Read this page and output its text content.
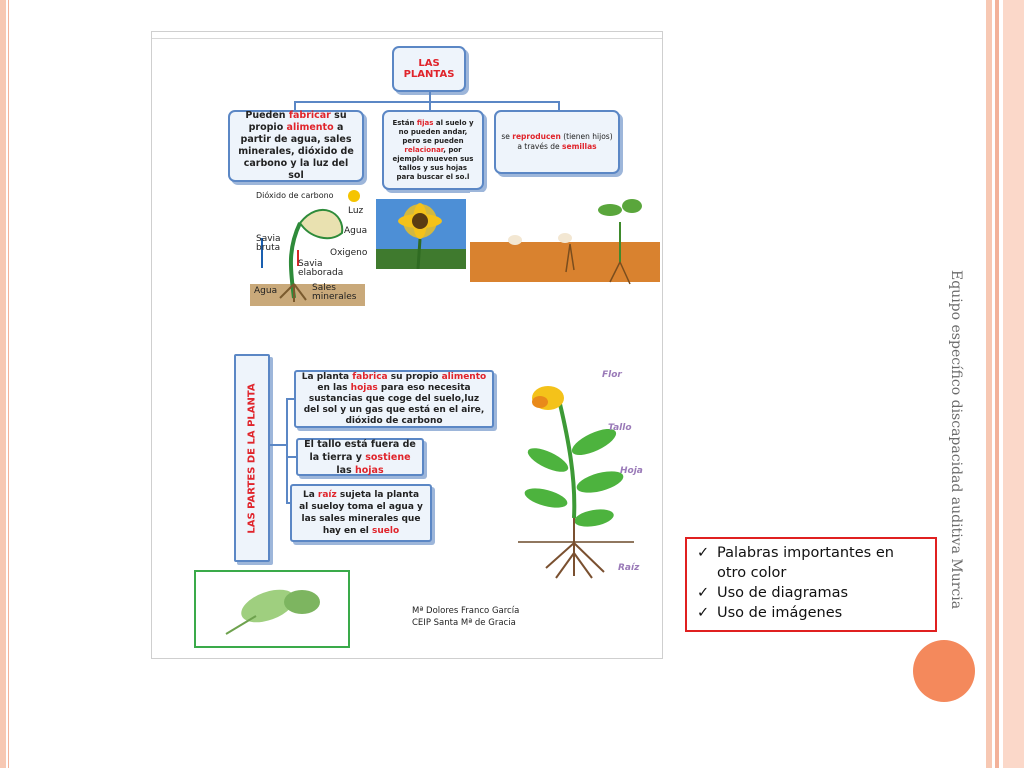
LAS PLANTAS
Pueden fabricar su propio alimento a partir de agua, sales minerales, dióxido de carbono y la luz del sol
Están fijas al suelo y no pueden andar, pero se pueden relacionar, por ejemplo mueven sus tallos y sus hojas para buscar el so.l
se reproducen (tienen hijos) a través de semillas
Dióxido de carbono
Luz
Agua
Oxigeno
Savia bruta
Savia elaborada
Agua	Sales minerales
LAS PARTES DE LA PLANTA
La planta fabrica su propio alimento en las hojas para eso necesita sustancias que coge del suelo,luz del sol y un gas que está en el aire, dióxido de carbono
El tallo está fuera de la tierra y sostiene las hojas
La raíz sujeta la planta al sueloy toma el agua y las sales minerales que hay en el suelo
Flor
Tallo
Hoja
Raíz
Mª Dolores Franco García
CEIP Santa Mª de Gracia
Equipo específico discapacidad auditiva Murcia
✓ Palabras importantes en otro color
✓ Uso de diagramas
✓ Uso de imágenes
